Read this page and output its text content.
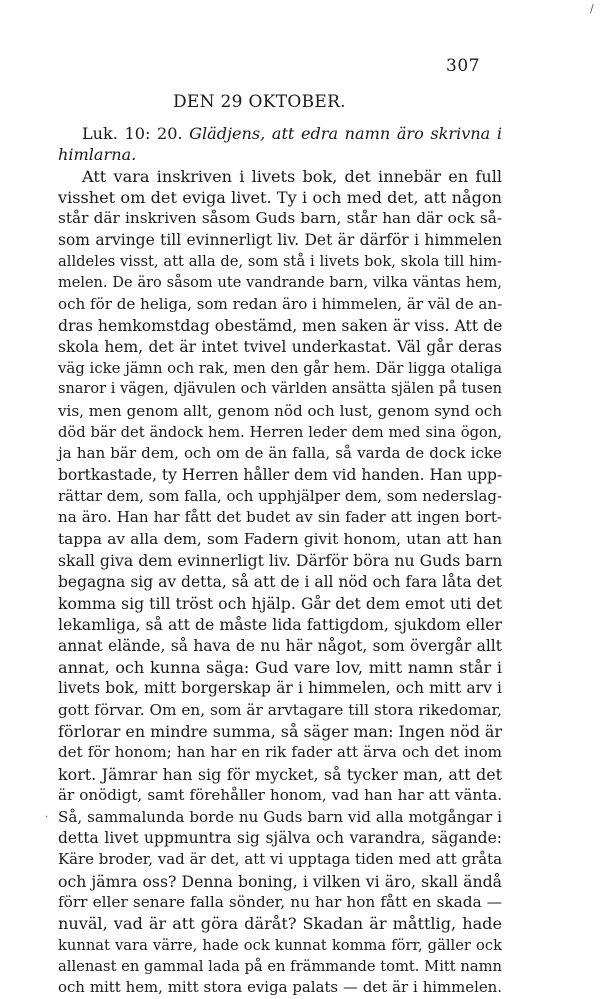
/
307
DEN 29 OKTOBER.
Luk. 10: 20. Glädjens, att edra namn äro skrivna i
himlarna.
Att vara inskriven i livets bok, det innebär en full
visshet om det eviga livet. Ty i och med det, att någon
står där inskriven såsom Guds barn, står han där ock så-
som arvinge till evinnerligt liv. Det är därför i himmelen
alldeles visst, att alla de, som stå i livets bok, skola till him-
melen. De äro såsom ute vandrande barn, vilka väntas hem,
och för de heliga, som redan äro i himmelen, är väl de an-
dras hemkomstdag obestämd, men saken är viss. Att de
skola hem, det är intet tvivel underkastat. Väl går deras
väg icke jämn och rak, men den går hem. Där ligga otaliga
snaror i vägen, djävulen och världen ansätta själen på tusen
vis, men genom allt, genom nöd och lust, genom synd och
död bär det ändock hem. Herren leder dem med sina ögon,
ja han bär dem, och om de än falla, så varda de dock icke
bortkastade, ty Herren håller dem vid handen. Han upp-
rättar dem, som falla, och upphjälper dem, som nederslag-
na äro. Han har fått det budet av sin fader att ingen bort-
tappa av alla dem, som Fadern givit honom, utan att han
skall giva dem evinnerligt liv. Därför böra nu Guds barn
begagna sig av detta, så att de i all nöd och fara låta det
komma sig till tröst och hjälp. Går det dem emot uti det
lekamliga, så att de måste lida fattigdom, sjukdom eller
annat elände, så hava de nu här något, som övergår allt
annat, och kunna säga: Gud vare lov, mitt namn står i
livets bok, mitt borgerskap är i himmelen, och mitt arv i
gott förvar. Om en, som är arvtagare till stora rikedomar,
förlorar en mindre summa, så säger man: Ingen nöd är
det för honom; han har en rik fader att ärva och det inom
kort. Jämrar han sig för mycket, så tycker man, att det
är onödigt, samt förehåller honom, vad han har att vänta.
Så, sammalunda borde nu Guds barn vid alla motgångar i
detta livet uppmuntra sig själva och varandra, sägande:
Käre broder, vad är det, att vi upptaga tiden med att gråta
och jämra oss? Denna boning, i vilken vi äro, skall ändå
förr eller senare falla sönder, nu har hon fått en skada —
nuväl, vad är att göra däråt? Skadan är måttlig, hade
kunnat vara värre, hade ock kunnat kommа förr, gäller ock
allenast en gammal lada på en främmande tomt. Mitt namn
och mitt hem, mitt stora eviga palats — det är i himmelen.
·
